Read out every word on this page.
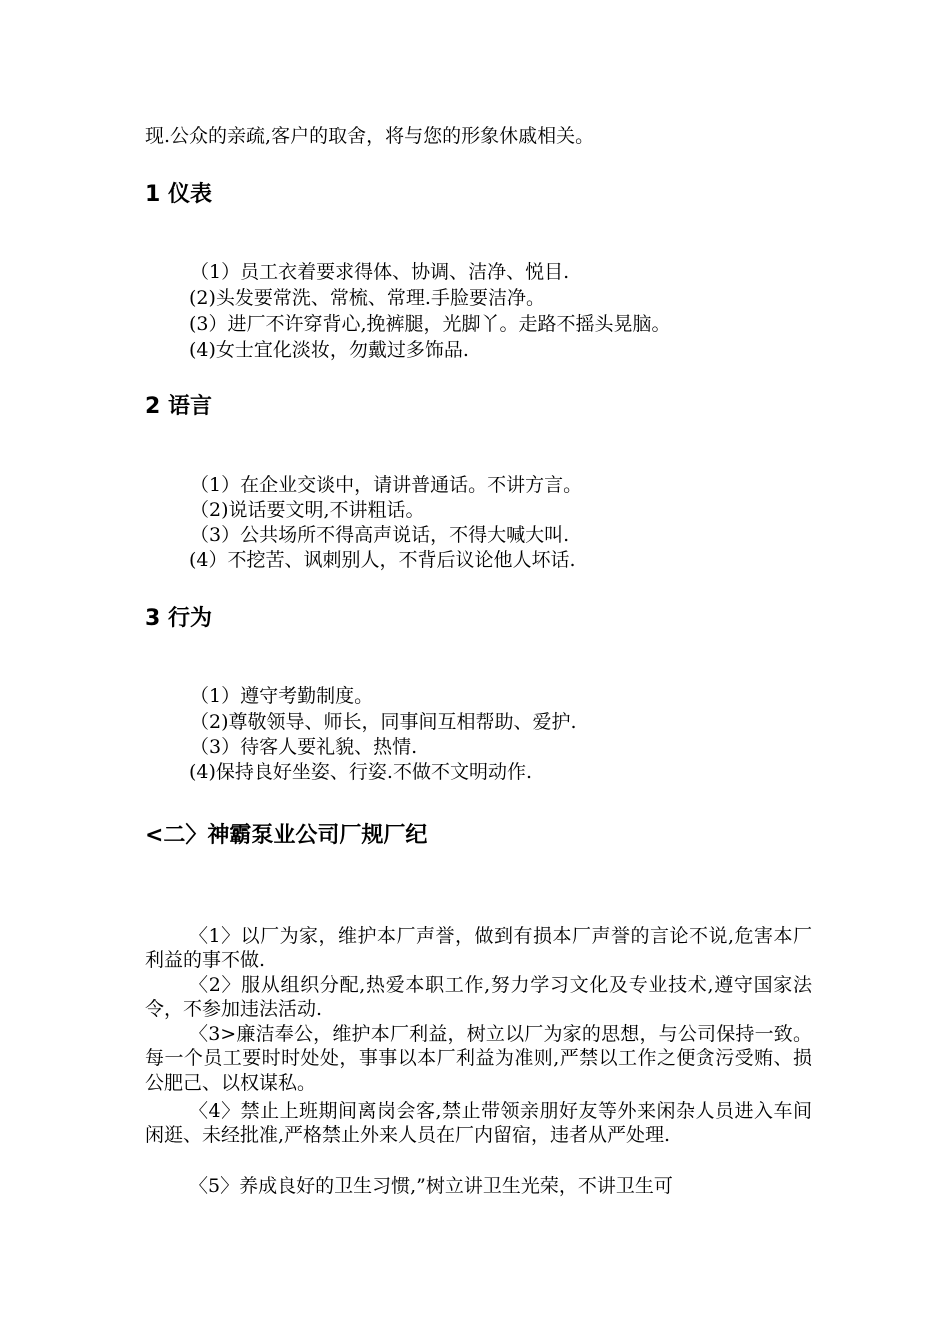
现.公众的亲疏,客户的取舍，将与您的形象休戚相关。
1 仪表
（1）员工衣着要求得体、协调、洁净、悦目.
(2)头发要常洗、常梳、常理.手脸要洁净。
(3）进厂不许穿背心,挽裤腿，光脚丫。走路不摇头晃脑。
(4)女士宜化淡妆，勿戴过多饰品.
2 语言
（1）在企业交谈中，请讲普通话。不讲方言。
（2)说话要文明,不讲粗话。
（3）公共场所不得高声说话，不得大喊大叫.
(4）不挖苦、讽刺别人，不背后议论他人坏话.
3 行为
（1）遵守考勤制度。
（2)尊敬领导、师长，同事间互相帮助、爱护.
（3）待客人要礼貌、热情.
(4)保持良好坐姿、行姿.不做不文明动作.
<二〉神霸泵业公司厂规厂纪
〈1〉以厂为家，维护本厂声誉，做到有损本厂声誉的言论不说,危害本厂利益的事不做.
〈2〉服从组织分配,热爱本职工作,努力学习文化及专业技术,遵守国家法令，不参加违法活动.
〈3>廉洁奉公，维护本厂利益，树立以厂为家的思想，与公司保持一致。每一个员工要时时处处，事事以本厂利益为准则,严禁以工作之便贪污受贿、损公肥己、以权谋私。
〈4〉禁止上班期间离岗会客,禁止带领亲朋好友等外来闲杂人员进入车间闲逛、未经批准,严格禁止外来人员在厂内留宿，违者从严处理.
〈5〉养成良好的卫生习惯,”树立讲卫生光荣，不讲卫生可
